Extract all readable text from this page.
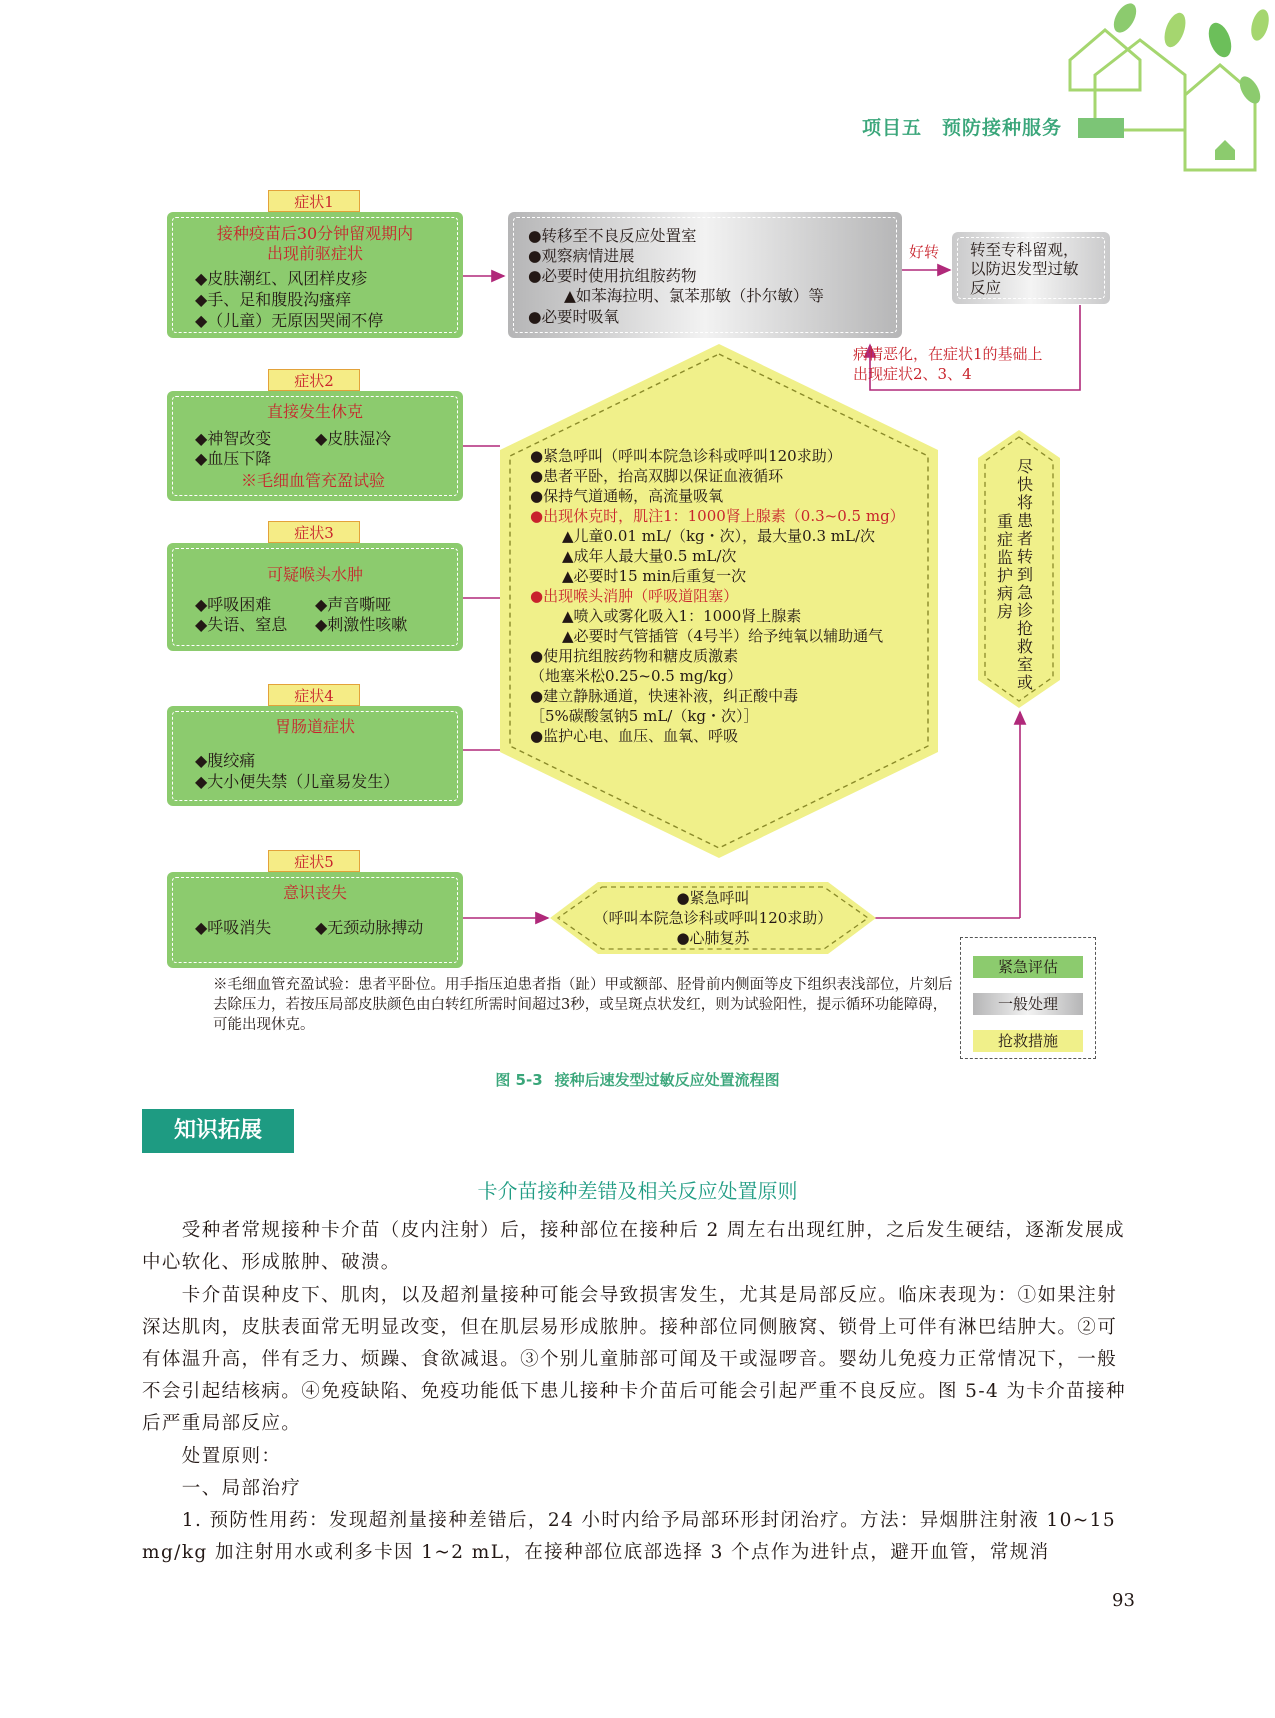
项目五　预防接种服务
接种疫苗后30分钟留观期内
出现前驱症状
◆皮肤潮红、风团样皮疹
◆手、足和腹股沟瘙痒
◆（儿童）无原因哭闹不停
症状1
直接发生休克
◆神智改变	◆皮肤湿冷
◆血压下降
※毛细血管充盈试验
症状2
可疑喉头水肿
◆呼吸困难	◆声音嘶哑
◆失语、窒息 ◆刺激性咳嗽
症状3
胃肠道症状
◆腹绞痛
◆大小便失禁（儿童易发生）
症状4
意识丧失
◆呼吸消失	◆无颈动脉搏动
症状5
●转移至不良反应处置室
●观察病情进展
●必要时使用抗组胺药物
▲如苯海拉明、氯苯那敏（扑尔敏）等
●必要时吸氧
好转 转至专科留观，
以防迟发型过敏
反应
病情恶化，在症状1的基础上
出现症状2、3、4
●紧急呼叫（呼叫本院急诊科或呼叫120求助）
●患者平卧，抬高双脚以保证血液循环
●保持气道通畅，高流量吸氧
●出现休克时，肌注1：1000肾上腺素（0.3~0.5 mg）
▲儿童0.01 mL/（kg・次），最大量0.3 mL/次
▲成年人最大量0.5 mL/次
▲必要时15 min后重复一次
●出现喉头消肿（呼吸道阻塞）
▲喷入或雾化吸入1：1000肾上腺素
▲必要时气管插管（4号半）给予纯氧以辅助通气
●使用抗组胺药物和糖皮质激素
（地塞米松0.25~0.5 mg/kg）
●建立静脉通道，快速补液，纠正酸中毒
［5%碳酸氢钠5 mL/（kg・次）］
●监护心电、血压、血氧、呼吸
●紧急呼叫
（呼叫本院急诊科或呼叫120求助）
●心肺复苏
尽快将患者转到急诊抢救室或
重症监护病房
※毛细血管充盈试验：患者平卧位。用手指压迫患者指（趾）甲或额部、胫骨前内侧面等皮下组织表浅部位，片刻后去除压力，若按压局部皮肤颜色由白转红所需时间超过3秒，或呈斑点状发红，则为试验阳性，提示循环功能障碍，可能出现休克。
紧急评估
一般处理
抢救措施
图 5-3 接种后速发型过敏反应处置流程图
知识拓展
卡介苗接种差错及相关反应处置原则
　　受种者常规接种卡介苗（皮内注射）后，接种部位在接种后 2 周左右出现红肿，之后发生硬结，逐渐发展成中心软化、形成脓肿、破溃。
　　卡介苗误种皮下、肌肉，以及超剂量接种可能会导致损害发生，尤其是局部反应。临床表现为：①如果注射深达肌肉，皮肤表面常无明显改变，但在肌层易形成脓肿。接种部位同侧腋窝、锁骨上可伴有淋巴结肿大。②可有体温升高，伴有乏力、烦躁、食欲减退。③个别儿童肺部可闻及干或湿啰音。婴幼儿免疫力正常情况下，一般不会引起结核病。④免疫缺陷、免疫功能低下患儿接种卡介苗后可能会引起严重不良反应。图 5-4 为卡介苗接种后严重局部反应。
　　处置原则：
　　一、局部治疗
　　1. 预防性用药：发现超剂量接种差错后，24 小时内给予局部环形封闭治疗。方法：异烟肼注射液 10~15 mg/kg 加注射用水或利多卡因 1~2 mL，在接种部位底部选择 3 个点作为进针点，避开血管，常规消
93
